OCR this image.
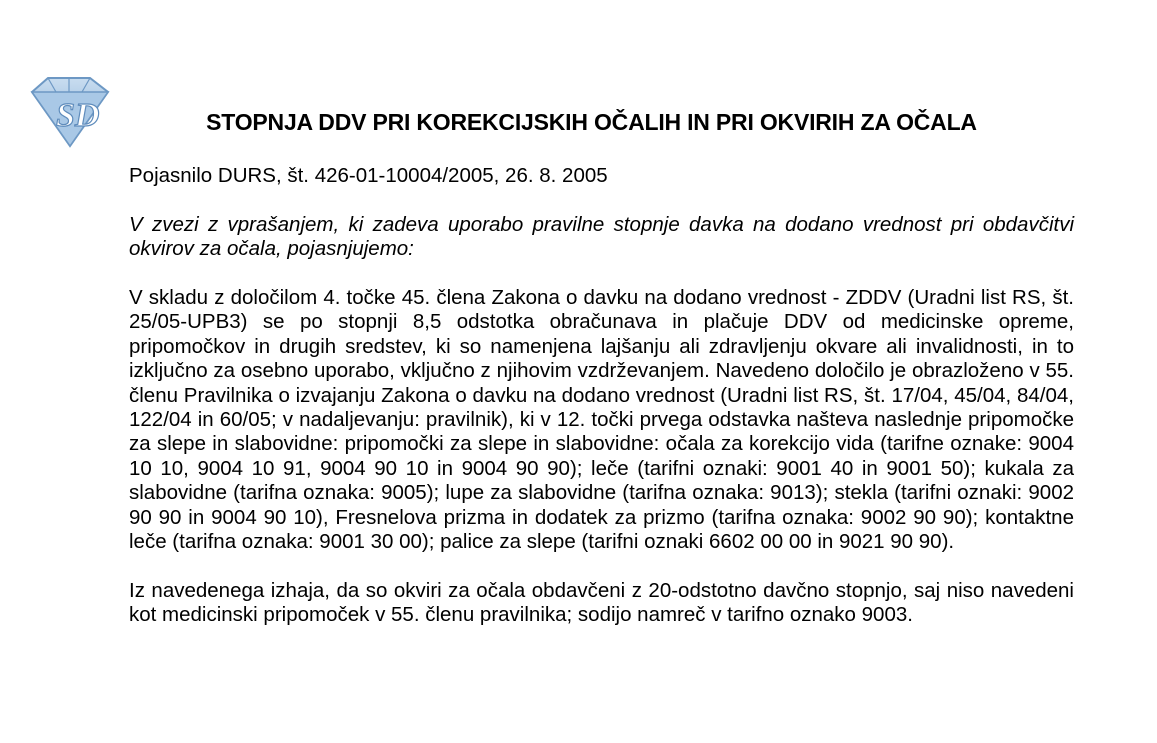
SD	STOPNJA DDV PRI KOREKCIJSKIH OČALIH IN PRI OKVIRIH ZA OČALA

Pojasnilo DURS, št. 426-01-10004/2005, 26. 8. 2005

V zvezi z vprašanjem, ki zadeva uporabo pravilne stopnje davka na dodano vrednost pri obdavčitvi okvirov za očala, pojasnjujemo:

V skladu z določilom 4. točke 45. člena Zakona o davku na dodano vrednost - ZDDV (Uradni list RS, št. 25/05-UPB3) se po stopnji 8,5 odstotka obračunava in plačuje DDV od medicinske opreme, pripomočkov in drugih sredstev, ki so namenjena lajšanju ali zdravljenju okvare ali invalidnosti, in to izključno za osebno uporabo, vključno z njihovim vzdrževanjem. Navedeno določilo je obrazloženo v 55. členu Pravilnika o izvajanju Zakona o davku na dodano vrednost (Uradni list RS, št. 17/04, 45/04, 84/04, 122/04 in 60/05; v nadaljevanju: pravilnik), ki v 12. točki prvega odstavka našteva naslednje pripomočke za slepe in slabovidne: pripomočki za slepe in slabovidne: očala za korekcijo vida (tarifne oznake: 9004 10 10, 9004 10 91, 9004 90 10 in 9004 90 90); leče (tarifni oznaki: 9001 40 in 9001 50); kukala za slabovidne (tarifna oznaka: 9005); lupe za slabovidne (tarifna oznaka: 9013); stekla (tarifni oznaki: 9002 90 90 in 9004 90 10), Fresnelova prizma in dodatek za prizmo (tarifna oznaka: 9002 90 90); kontaktne leče (tarifna oznaka: 9001 30 00); palice za slepe (tarifni oznaki 6602 00 00 in 9021 90 90).

Iz navedenega izhaja, da so okviri za očala obdavčeni z 20-odstotno davčno stopnjo, saj niso navedeni kot medicinski pripomoček v 55. členu pravilnika; sodijo namreč v tarifno oznako 9003.
